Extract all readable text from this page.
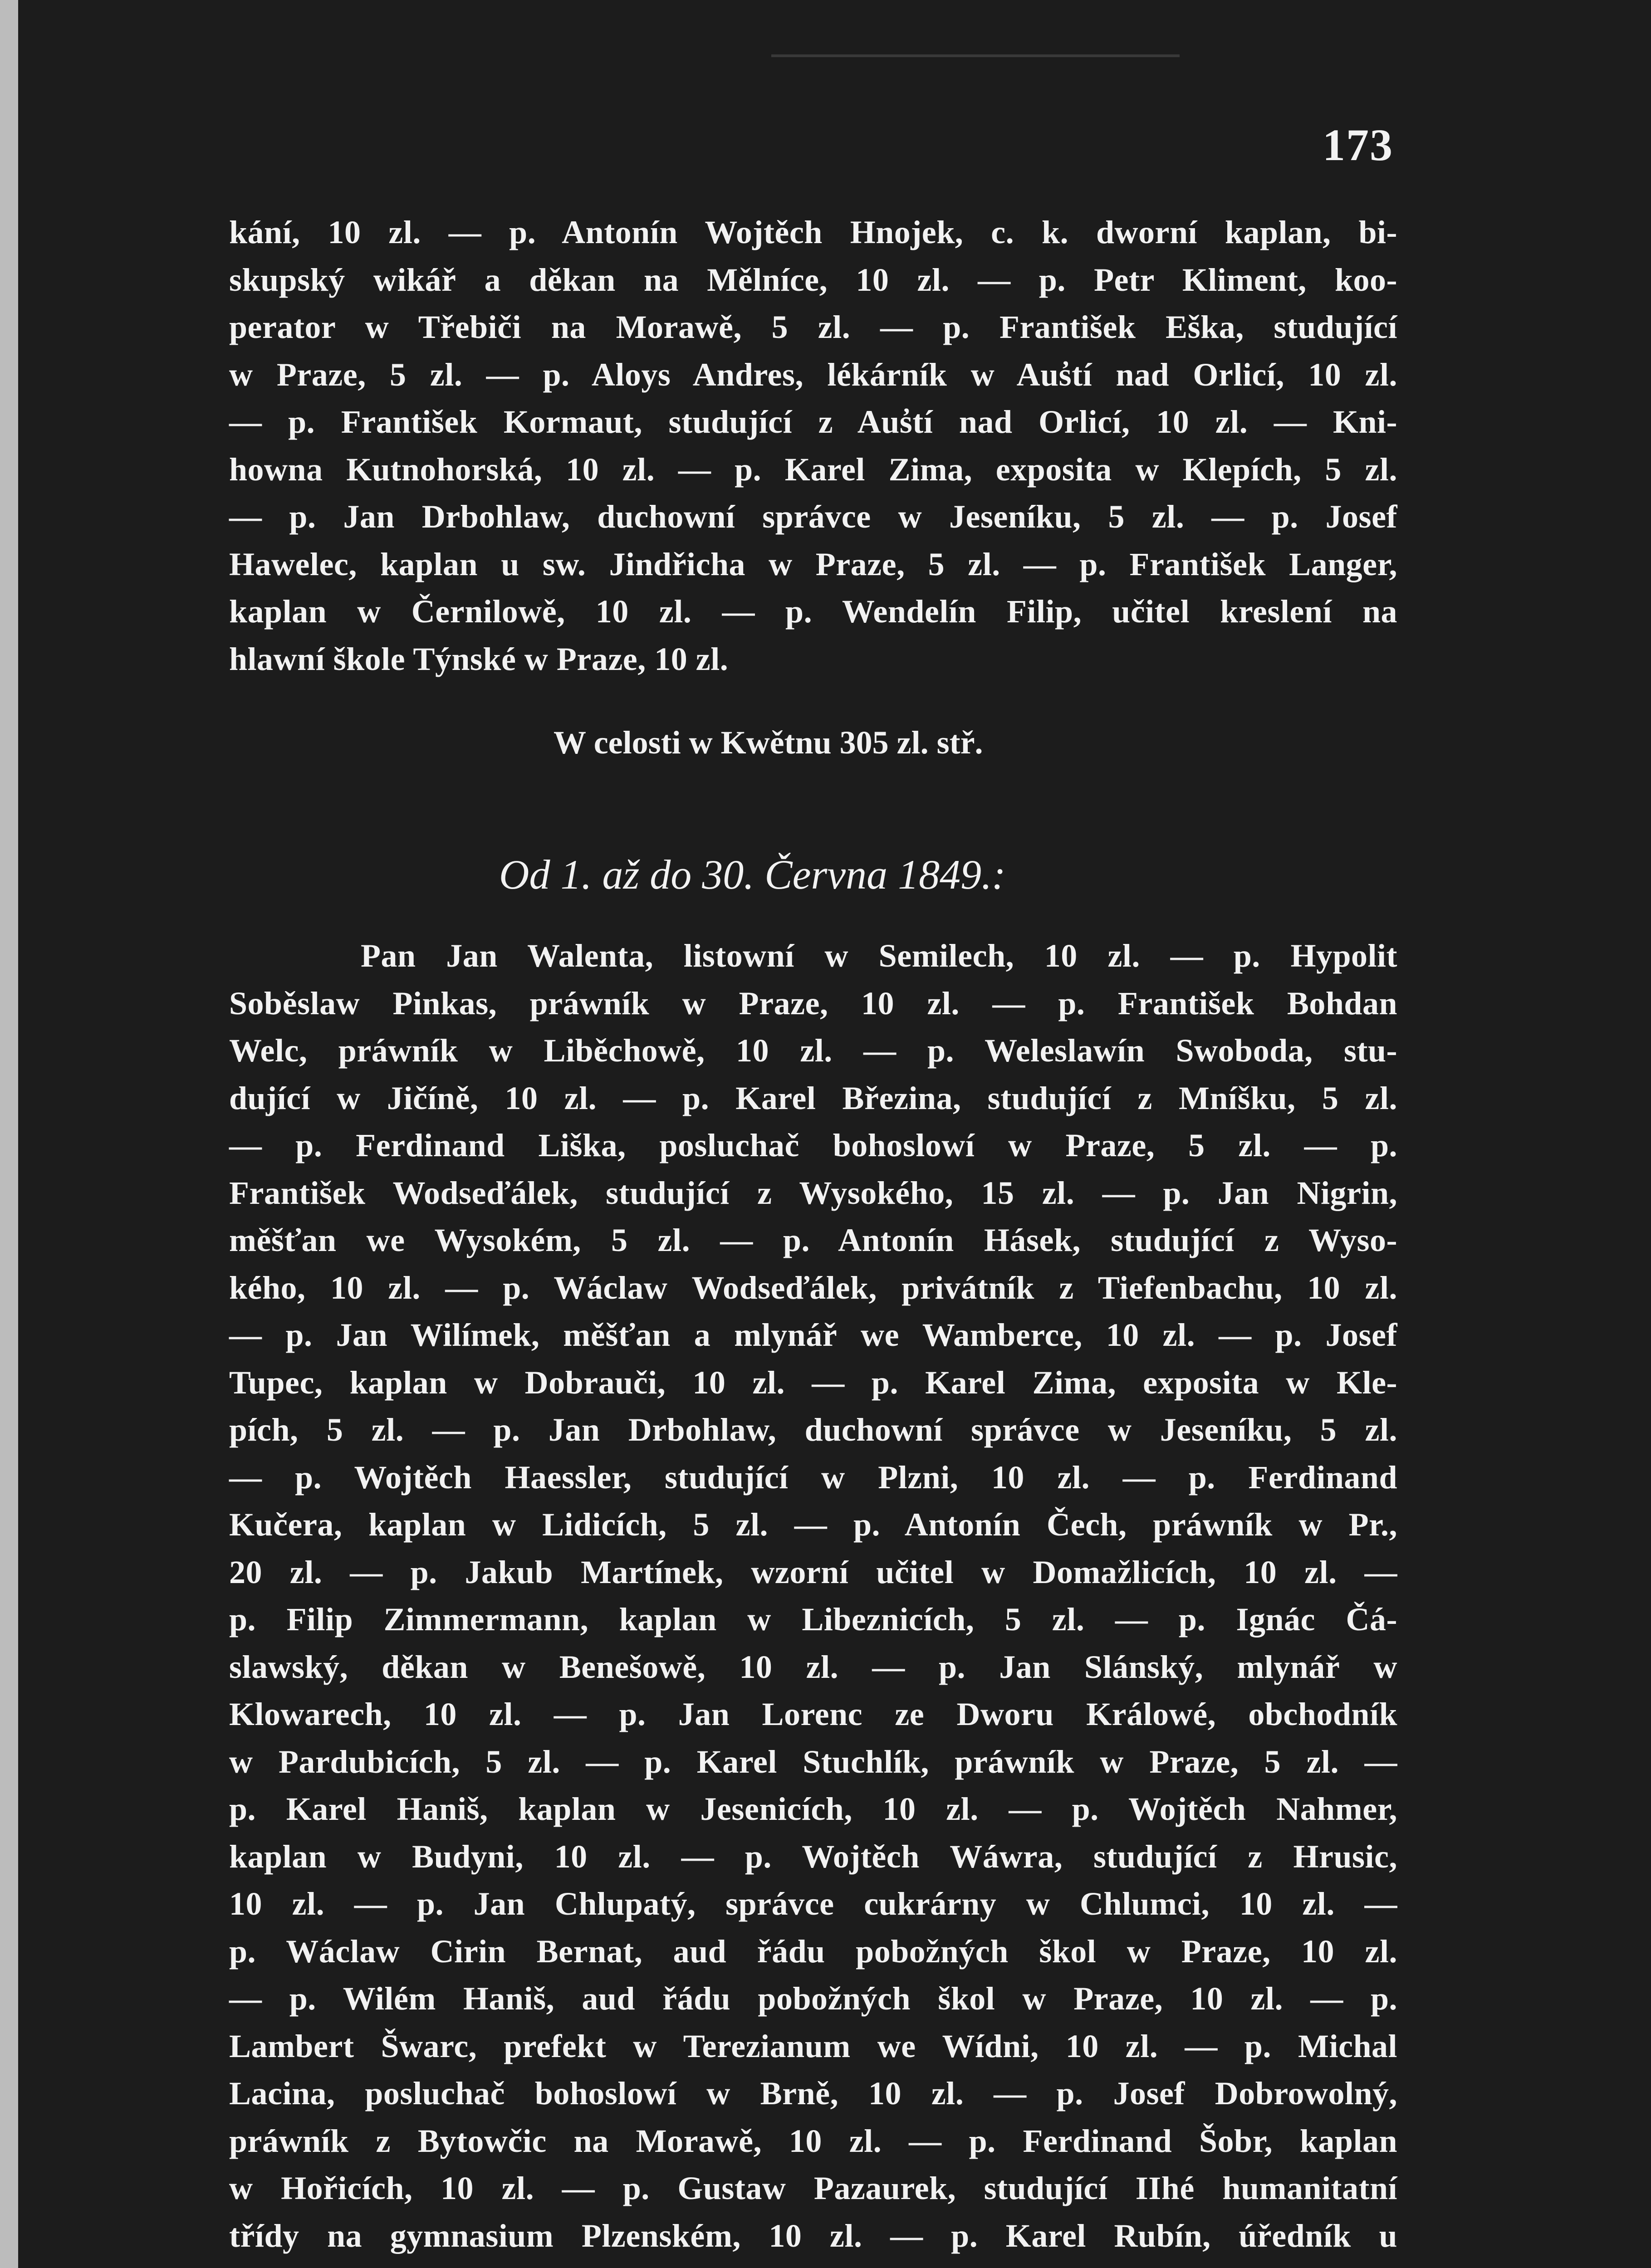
173
kání, 10 zl. — p. Antonín Wojtěch Hnojek, c. k. dworní kaplan, bi-
skupský wikář a děkan na Mělníce, 10 zl. — p. Petr Kliment, koo-
perator w Třebiči na Morawě, 5 zl. — p. František Eška, studující
w Praze, 5 zl. — p. Aloys Andres, lékárník w Aus̓tí nad Orlicí, 10 zl.
— p. František Kormaut, studující z Aus̓tí nad Orlicí, 10 zl. — Kni-
howna Kutnohorská, 10 zl. — p. Karel Zima, exposita w Klepích, 5 zl.
— p. Jan Drbohlaw, duchowní správce w Jeseníku, 5 zl. — p. Josef
Hawelec, kaplan u sw. Jindřicha w Praze, 5 zl. — p. František Langer,
kaplan w Černilowě, 10 zl. — p. Wendelín Filip, učitel kreslení na
hlawní škole Týnské w Praze, 10 zl.
W celosti w Kwětnu 305 zl. stř.
Od 1. až do 30. Června 1849.:
Pan Jan Walenta, listowní w Semilech, 10 zl. — p. Hypolit
Soběslaw Pinkas, práwník w Praze, 10 zl. — p. František Bohdan
Welc, práwník w Liběchowě, 10 zl. — p. Weleslawín Swoboda, stu-
dující w Jičíně, 10 zl. — p. Karel Březina, studující z Mníšku, 5 zl.
— p. Ferdinand Liška, posluchač bohoslowí w Praze, 5 zl. — p.
František Wodseďálek, studující z Wysokého, 15 zl. — p. Jan Nigrin,
měšťan we Wysokém, 5 zl. — p. Antonín Hásek, studující z Wyso-
kého, 10 zl. — p. Wáclaw Wodseďálek, privátník z Tiefenbachu, 10 zl.
— p. Jan Wilímek, měšťan a mlynář we Wamberce, 10 zl. — p. Josef
Tupec, kaplan w Dobrauči, 10 zl. — p. Karel Zima, exposita w Kle-
pích, 5 zl. — p. Jan Drbohlaw, duchowní správce w Jeseníku, 5 zl.
— p. Wojtěch Haessler, studující w Plzni, 10 zl. — p. Ferdinand
Kučera, kaplan w Lidicích, 5 zl. — p. Antonín Čech, práwník w Pr.,
20 zl. — p. Jakub Martínek, wzorní učitel w Domažlicích, 10 zl. —
p. Filip Zimmermann, kaplan w Libeznicích, 5 zl. — p. Ignác Čá-
slawský, děkan w Benešowě, 10 zl. — p. Jan Slánský, mlynář w
Klowarech, 10 zl. — p. Jan Lorenc ze Dworu Králowé, obchodník
w Pardubicích, 5 zl. — p. Karel Stuchlík, práwník w Praze, 5 zl. —
p. Karel Haniš, kaplan w Jesenicích, 10 zl. — p. Wojtěch Nahmer,
kaplan w Budyni, 10 zl. — p. Wojtěch Wáwra, studující z Hrusic,
10 zl. — p. Jan Chlupatý, správce cukrárny w Chlumci, 10 zl. —
p. Wáclaw Cirin Bernat, aud řádu pobožných škol w Praze, 10 zl.
— p. Wilém Haniš, aud řádu pobožných škol w Praze, 10 zl. — p.
Lambert Šwarc, prefekt w Terezianum we Wídni, 10 zl. — p. Michal
Lacina, posluchač bohoslowí w Brně, 10 zl. — p. Josef Dobrowolný,
práwník z Bytowčic na Morawě, 10 zl. — p. Ferdinand Šobr, kaplan
w Hořicích, 10 zl. — p. Gustaw Pazaurek, studující IIhé humanitatní
třídy na gymnasium Plzenském, 10 zl. — p. Karel Rubín, úředník u
